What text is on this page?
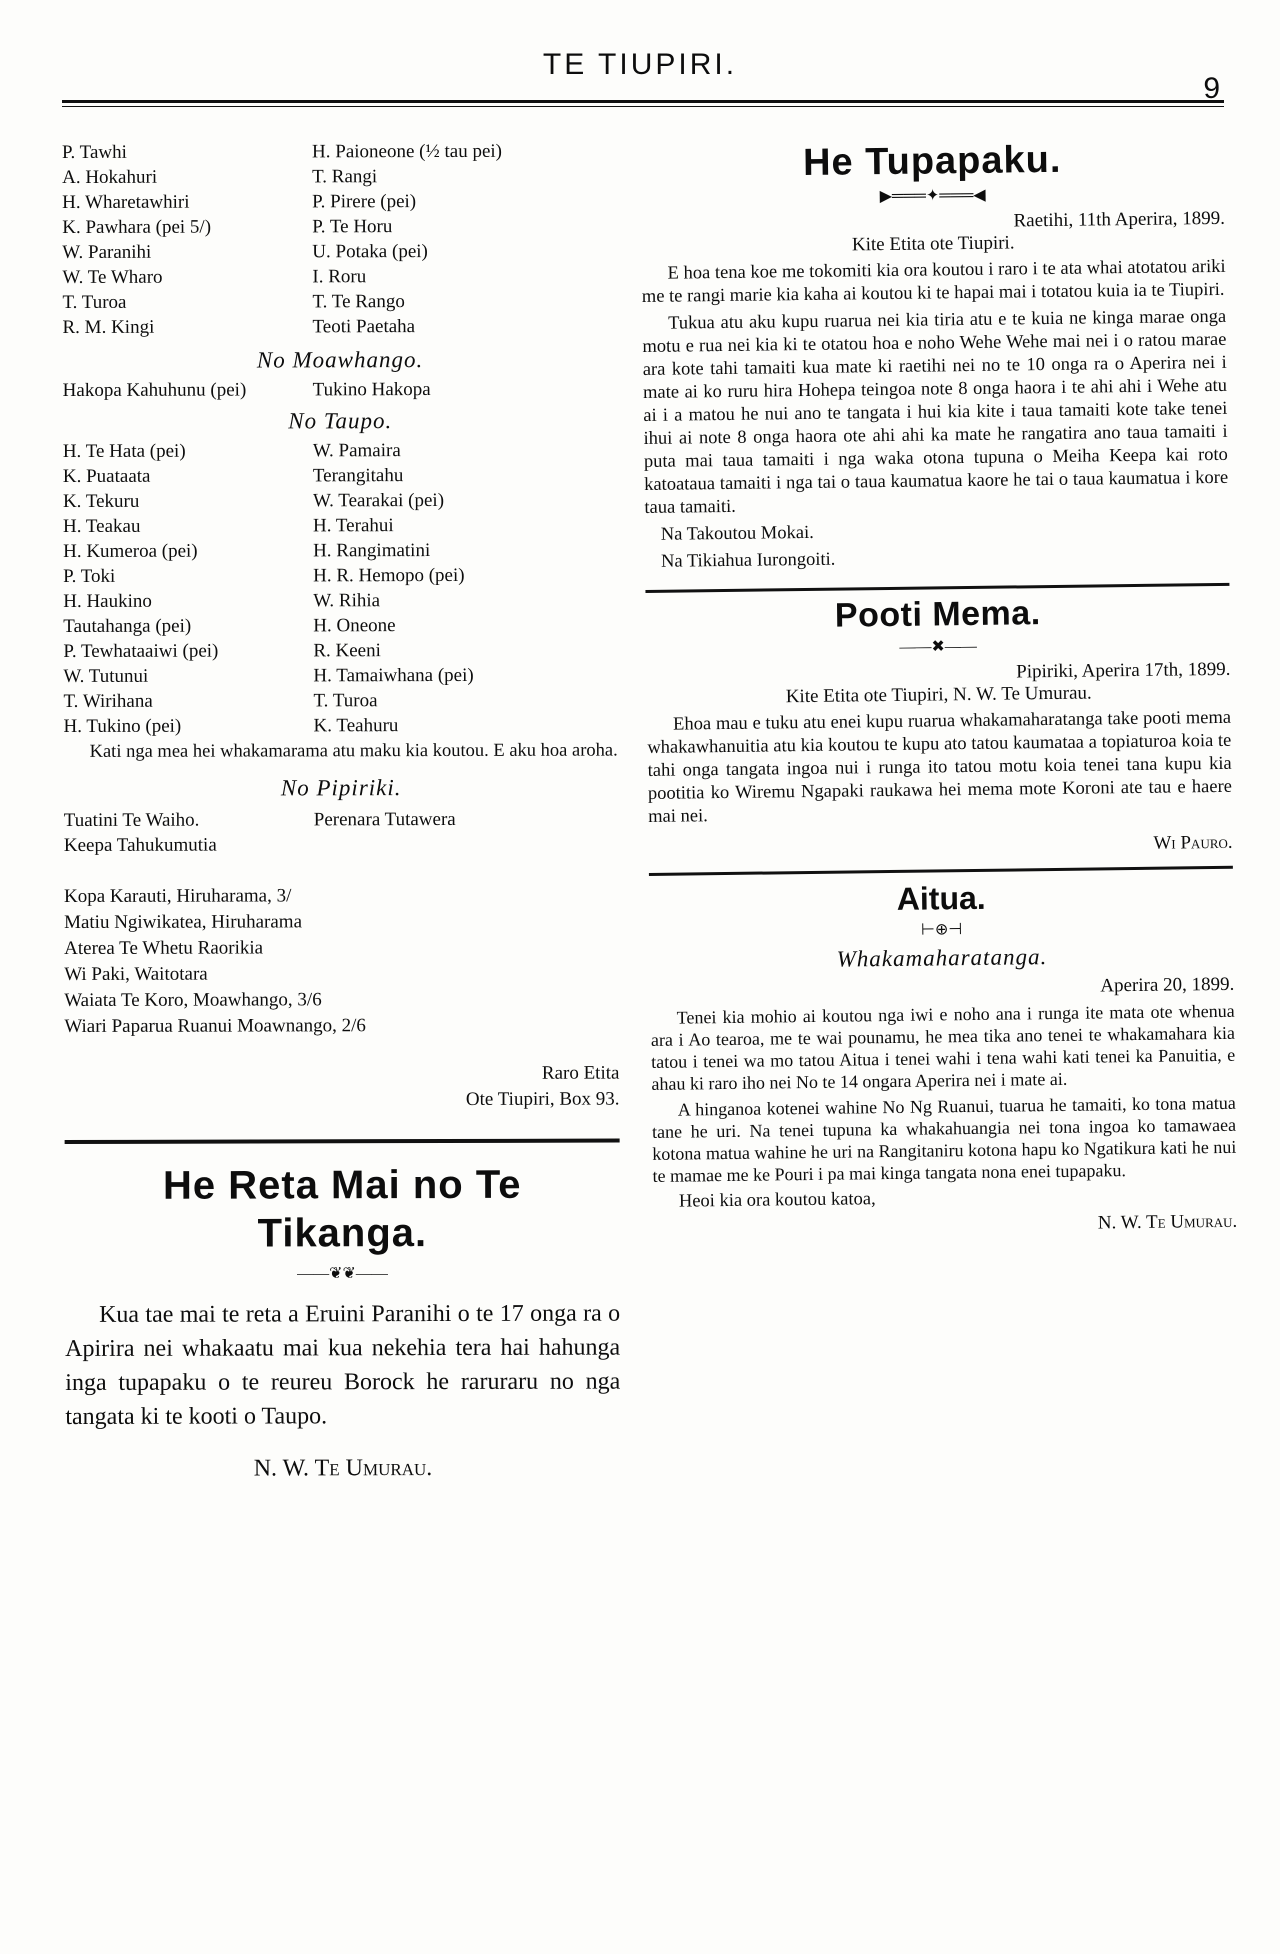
TE TIUPIRI.
9
P. Tawhi	H. Paioneone (½ tau pei)
A. Hokahuri	T. Rangi
H. Wharetawhiri	P. Pirere (pei)
K. Pawhara (pei 5/)	P. Te Horu
W. Paranihi	U. Potaka (pei)
W. Te Wharo	I. Roru
T. Turoa	T. Te Rango
R. M. Kingi	Teoti Paetaha
No Moawhango.
Hakopa Kahuhunu (pei)	Tukino Hakopa
No Taupo.
H. Te Hata (pei)	W. Pamaira
K. Puataata	Terangitahu
K. Tekuru	W. Tearakai (pei)
H. Teakau	H. Terahui
H. Kumeroa (pei)	H. Rangimatini
P. Toki	H. R. Hemopo (pei)
H. Haukino	W. Rihia
Tautahanga (pei)	H. Oneone
P. Tewhataaiwi (pei)	R. Keeni
W. Tutunui	H. Tamaiwhana (pei)
T. Wirihana	T. Turoa
H. Tukino (pei)	K. Teahuru
Kati nga mea hei whakamarama atu maku kia koutou. E aku hoa aroha.
No Pipiriki.
Tuatini Te Waiho.	Perenara Tutawera
Keepa Tahukumutia
Kopa Karauti, Hiruharama, 3/
Matiu Ngiwikatea, Hiruharama
Aterea Te Whetu Raorikia
Wi Paki, Waitotara
Waiata Te Koro, Moawhango, 3/6
Wiari Paparua Ruanui Moawnango, 2/6
Raro Etita
Ote Tiupiri, Box 93.
He Reta Mai no Te
Tikanga.
——❦❦——
Kua tae mai te reta a Eruini Paranihi o te 17 onga ra o Apirira nei whakaatu mai kua nekehia tera hai hahunga inga tupapaku o te reureu Borock he raruraru no nga tangata ki te kooti o Taupo.
N. W. Te Umurau.
He Tupapaku.
▶═══✦═══◀
Raetihi, 11th Aperira, 1899.
Kite Etita ote Tiupiri.
E hoa tena koe me tokomiti kia ora koutou i raro i te ata whai atotatou ariki me te rangi marie kia kaha ai koutou ki te hapai mai i totatou kuia ia te Tiupiri.
Tukua atu aku kupu ruarua nei kia tiria atu e te kuia ne kinga marae onga motu e rua nei kia ki te otatou hoa e noho Wehe Wehe mai nei i o ratou marae ara kote tahi tamaiti kua mate ki raetihi nei no te 10 onga ra o Aperira nei i mate ai ko ruru hira Hohepa teingoa note 8 onga haora i te ahi ahi i Wehe atu ai i a matou he nui ano te tangata i hui kia kite i taua tamaiti kote take tenei ihui ai note 8 onga haora ote ahi ahi ka mate he rangatira ano taua tamaiti i puta mai taua tamaiti i nga waka otona tupuna o Meiha Keepa kai roto katoataua tamaiti i nga tai o taua kaumatua kaore he tai o taua kaumatua i kore taua tamaiti.
Na Takoutou Mokai.
Na Tikiahua Iurongoiti.
Pooti Mema.
——✖——
Pipiriki, Aperira 17th, 1899.
Kite Etita ote Tiupiri, N. W. Te Umurau.
Ehoa mau e tuku atu enei kupu ruarua whakamaharatanga take pooti mema whakawhanuitia atu kia koutou te kupu ato tatou kaumataa a topiaturoa koia te tahi onga tangata ingoa nui i runga ito tatou motu koia tenei tana kupu kia pootitia ko Wiremu Ngapaki raukawa hei mema mote Koroni ate tau e haere mai nei.
Wi Pauro.
Aitua.
⊢⊕⊣
Whakamaharatanga.
Aperira 20, 1899.
Tenei kia mohio ai koutou nga iwi e noho ana i runga ite mata ote whenua ara i Ao tearoa, me te wai pounamu, he mea tika ano tenei te whakamahara kia tatou i tenei wa mo tatou Aitua i tenei wahi i tena wahi kati tenei ka Panuitia, e ahau ki raro iho nei No te 14 ongara Aperira nei i mate ai.
A hinganoa kotenei wahine No Ng Ruanui, tuarua he tamaiti, ko tona matua tane he uri. Na tenei tupuna ka whakahuangia nei tona ingoa ko tamawaea kotona matua wahine he uri na Rangitaniru kotona hapu ko Ngatikura kati he nui te mamae me ke Pouri i pa mai kinga tangata nona enei tupapaku.
Heoi kia ora koutou katoa,
N. W. Te Umurau.
